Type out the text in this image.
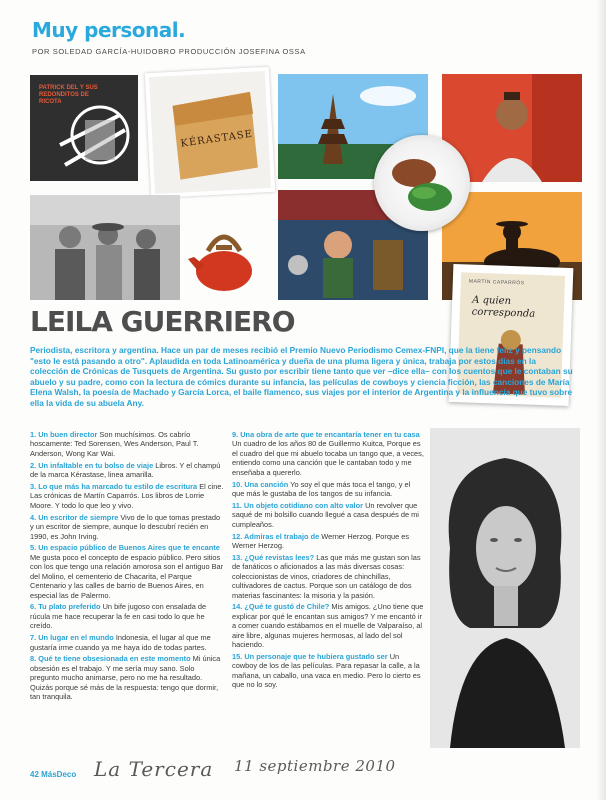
Muy personal.
POR SOLEDAD GARCÍA-HUIDOBRO PRODUCCIÓN JOSEFINA OSSA
PATRICK DEL Y SUS REDONDITOS DE RICOTA
KÉRASTASE
MARTÍN CAPARRÓS
A quien corresponda
LEILA GUERRIERO
Periodista, escritora y argentina. Hace un par de meses recibió el Premio Nuevo Periodismo Cemex-FNPI, que la tiene feliz y pensando "esto le está pasando a otro". Aplaudida en toda Latinoamérica y dueña de una pluma ligera y única, trabaja por estos días en la colección de Crónicas de Tusquets de Argentina. Su gusto por escribir tiene tanto que ver –dice ella– con los cuentos que le contaban su abuelo y su padre, como con la lectura de cómics durante su infancia, las películas de cowboys y ciencia ficción, las canciones de María Elena Walsh, la poesía de Machado y García Lorca, el baile flamenco, sus viajes por el interior de Argentina y la influencia que tuvo sobre ella la vida de su abuela Any.
1. Un buen director Son muchísimos. Os cabrío hoscamente: Ted Sorensen, Wes Anderson, Paul T. Anderson, Wong Kar Wai.
2. Un infaltable en tu bolso de viaje Libros. Y el champú de la marca Kérastase, linea amarilla.
3. Lo que más ha marcado tu estilo de escritura El cine. Las crónicas de Martín Caparrós. Los libros de Lorrie Moore. Y todo lo que leo y vivo.
4. Un escritor de siempre Vivo de lo que tomas prestado y un escritor de siempre, aunque lo descubrí recién en 1990, es John Irving.
5. Un espacio público de Buenos Aires que te encante Me gusta poco el concepto de espacio público. Pero sitios con los que tengo una relación amorosa son el antiguo Bar del Molino, el cementerio de Chacarita, el Parque Centenario y las calles de barrio de Buenos Aires, en especial las de Palermo.
6. Tu plato preferido Un bife jugoso con ensalada de rúcula me hace recuperar la fe en casi todo lo que he creído.
7. Un lugar en el mundo Indonesia, el lugar al que me gustaría irme cuando ya me haya ido de todas partes.
8. Qué te tiene obsesionada en este momento Mi única obsesión es el trabajo. Y me sería muy sano. Solo pregunto mucho animarse, pero no me ha resultado. Quizás porque sé más de la respuesta: tengo que dormir, tan tranquila.
9. Una obra de arte que te encantaría tener en tu casa Un cuadro de los años 80 de Guillermo Kuitca, Porque es el cuadro del que mi abuelo tocaba un tango que, a veces, entiendo como una canción que le cantaban todo y me enseñaba a quererlo.
10. Una canción Yo soy el que más toca el tango, y el que más le gustaba de los tangos de su infancia.
11. Un objeto cotidiano con alto valor Un revolver que saqué de mi bolsillo cuando llegué a casa después de mi cumpleaños.
12. Admiras el trabajo de Werner Herzog. Porque es Werner Herzog.
13. ¿Qué revistas lees? Las que más me gustan son las de fanáticos o aficionados a las más diversas cosas: coleccionistas de vinos, criadores de chinchillas, cultivadores de cactus. Porque son un catálogo de dos materias fascinantes: la misoria y la pasión.
14. ¿Qué te gustó de Chile? Mis amigos. ¿Uno tiene que explicar por qué le encantan sus amigos? Y me encantó ir a comer cuando estábamos en el muelle de Valparaíso, al aire libre, algunas mujeres hermosas, al lado del sol haciendo.
15. Un personaje que te hubiera gustado ser Un cowboy de los de las películas. Para repasar la calle, a la mañana, un caballo, una vaca en medio. Pero lo cierto es que no lo soy.
42 MásDeco La Tercera 11 septiembre 2010
